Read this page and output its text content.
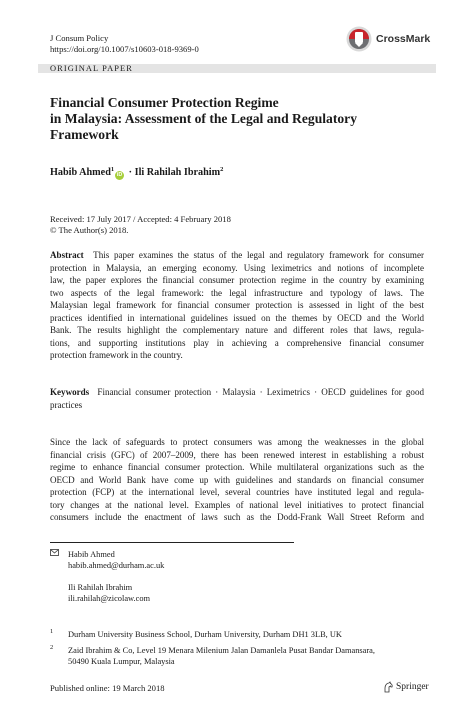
J Consum Policy
https://doi.org/10.1007/s10603-018-9369-0
CrossMark
ORIGINAL PAPER
Financial Consumer Protection Regime
in Malaysia: Assessment of the Legal and Regulatory
Framework
Habib Ahmed$^1$iD · Ili Rahilah Ibrahim$^2$
Received: 17 July 2017 / Accepted: 4 February 2018
© The Author(s) 2018.
Abstract This paper examines the status of the legal and regulatory framework for consumer
protection in Malaysia, an emerging economy. Using leximetrics and notions of incomplete
law, the paper explores the financial consumer protection regime in the country by examining
two aspects of the legal framework: the legal infrastructure and typology of laws. The
Malaysian legal framework for financial consumer protection is assessed in light of the best
practices identified in international guidelines issued on the themes by OECD and the World
Bank. The results highlight the complementary nature and different roles that laws, regula-
tions, and supporting institutions play in achieving a comprehensive financial consumer
protection framework in the country.
Keywords Financial consumer protection · Malaysia · Leximetrics · OECD guidelines for good
practices
Since the lack of safeguards to protect consumers was among the weaknesses in the global
financial crisis (GFC) of 2007–2009, there has been renewed interest in establishing a robust
regime to enhance financial consumer protection. While multilateral organizations such as the
OECD and World Bank have come up with guidelines and standards on financial consumer
protection (FCP) at the international level, several countries have instituted legal and regula-
tory changes at the national level. Examples of national level initiatives to protect financial
consumers include the enactment of laws such as the Dodd-Frank Wall Street Reform and
Habib Ahmed
habib.ahmed@durham.ac.uk
Ili Rahilah Ibrahim
ili.rahilah@zicolaw.com
1 Durham University Business School, Durham University, Durham DH1 3LB, UK
2 Zaid Ibrahim & Co, Level 19 Menara Milenium Jalan Damanlela Pusat Bandar Damansara,
50490 Kuala Lumpur, Malaysia
Published online: 19 March 2018	Springer
